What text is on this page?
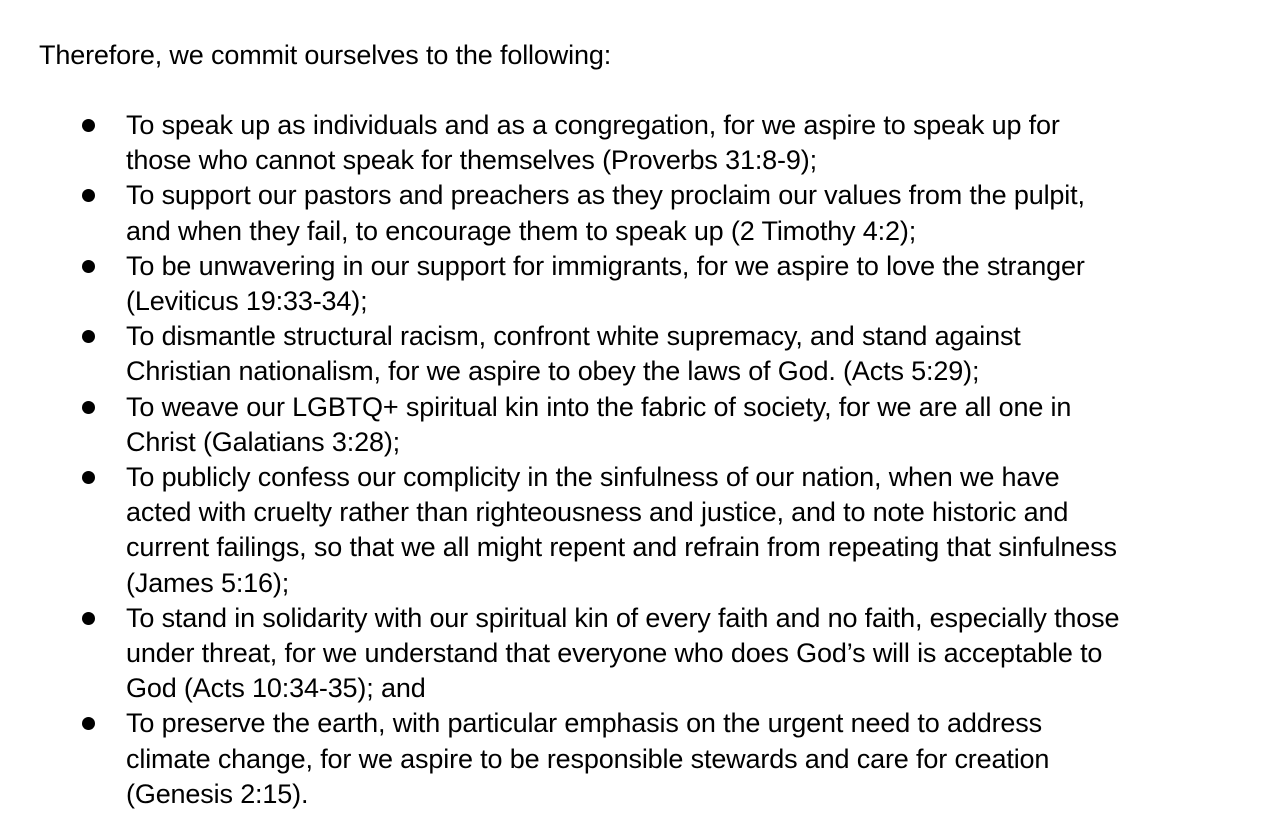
Therefore, we commit ourselves to the following:

To speak up as individuals and as a congregation, for we aspire to speak up for
those who cannot speak for themselves (Proverbs 31:8-9);
To support our pastors and preachers as they proclaim our values from the pulpit,
and when they fail, to encourage them to speak up (2 Timothy 4:2);
To be unwavering in our support for immigrants, for we aspire to love the stranger
(Leviticus 19:33-34);
To dismantle structural racism, confront white supremacy, and stand against
Christian nationalism, for we aspire to obey the laws of God. (Acts 5:29);
To weave our LGBTQ+ spiritual kin into the fabric of society, for we are all one in
Christ (Galatians 3:28);
To publicly confess our complicity in the sinfulness of our nation, when we have
acted with cruelty rather than righteousness and justice, and to note historic and
current failings, so that we all might repent and refrain from repeating that sinfulness
(James 5:16);
To stand in solidarity with our spiritual kin of every faith and no faith, especially those
under threat, for we understand that everyone who does God’s will is acceptable to
God (Acts 10:34-35); and
To preserve the earth, with particular emphasis on the urgent need to address
climate change, for we aspire to be responsible stewards and care for creation
(Genesis 2:15).
